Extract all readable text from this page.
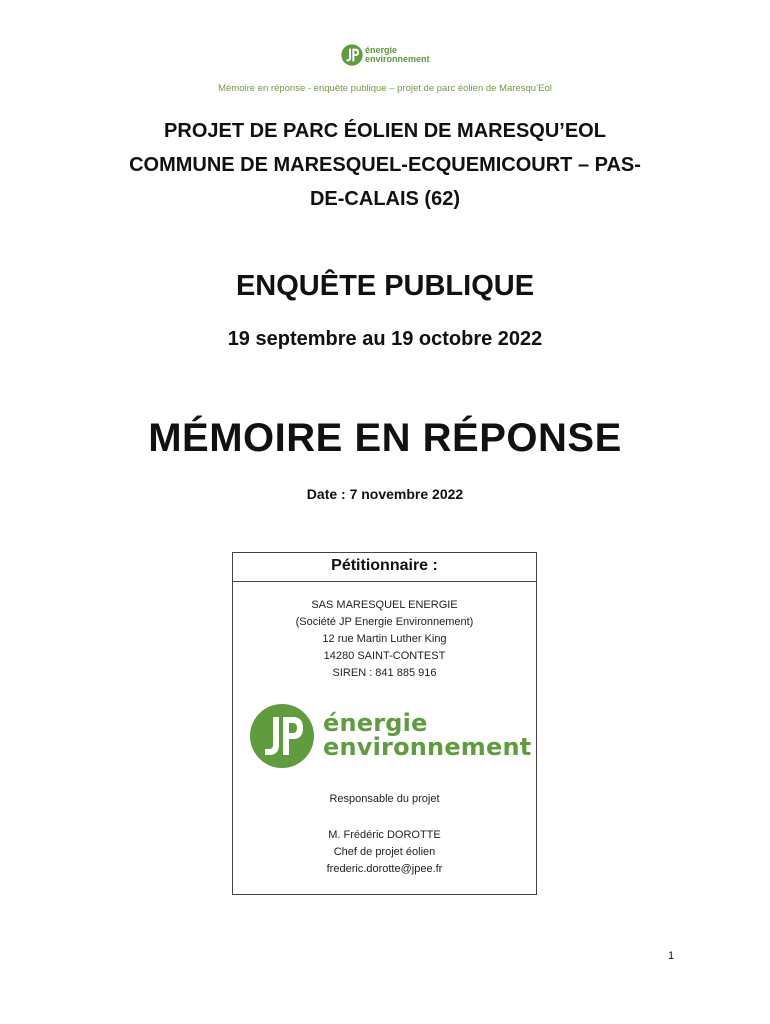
énergie
environnement
Mémoire en réponse - enquête publique – projet de parc éolien de Maresqu’Eol
PROJET DE PARC ÉOLIEN DE MARESQU’EOL
COMMUNE DE MARESQUEL-ECQUEMICOURT – PAS-
DE-CALAIS (62)
ENQUÊTE PUBLIQUE
19 septembre au 19 octobre 2022
MÉMOIRE EN RÉPONSE
Date : 7 novembre 2022
Pétitionnaire :
SAS MARESQUEL ENERGIE
(Société JP Energie Environnement)
12 rue Martin Luther King
14280 SAINT-CONTEST
SIREN : 841 885 916
énergie
environnement
Responsable du projet
M. Frédéric DOROTTE
Chef de projet éolien
frederic.dorotte@jpee.fr
1
